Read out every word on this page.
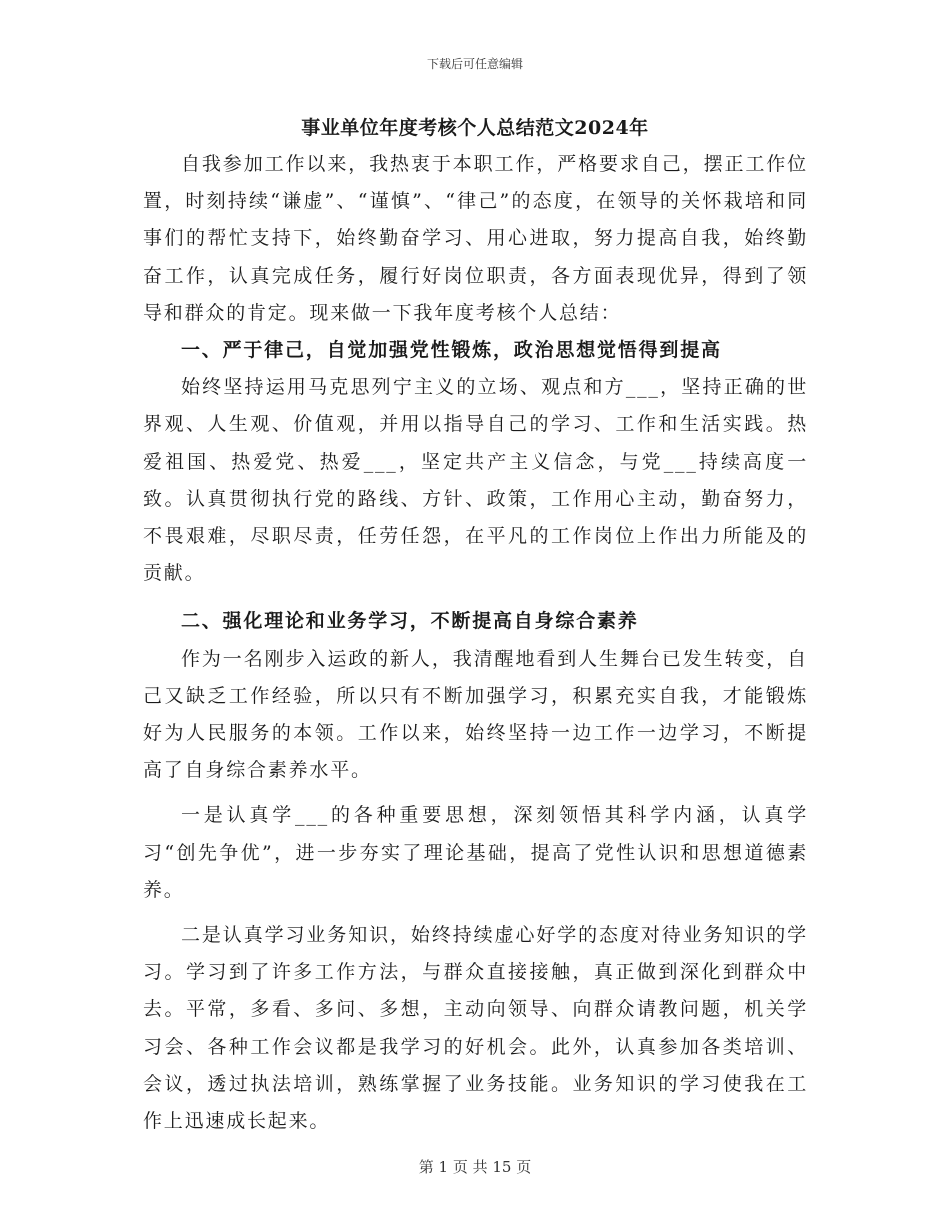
下载后可任意编辑
事业单位年度考核个人总结范文2024年

自我参加工作以来，我热衷于本职工作，严格要求自己，摆正工作位置，时刻持续“谦虚”、“谨慎”、“律己”的态度，在领导的关怀栽培和同事们的帮忙支持下，始终勤奋学习、用心进取，努力提高自我，始终勤奋工作，认真完成任务，履行好岗位职责，各方面表现优异，得到了领导和群众的肯定。现来做一下我年度考核个人总结：

一、严于律己，自觉加强党性锻炼，政治思想觉悟得到提高

始终坚持运用马克思列宁主义的立场、观点和方___，坚持正确的世界观、人生观、价值观，并用以指导自己的学习、工作和生活实践。热爱祖国、热爱党、热爱___，坚定共产主义信念，与党___持续高度一致。认真贯彻执行党的路线、方针、政策，工作用心主动，勤奋努力，不畏艰难，尽职尽责，任劳任怨，在平凡的工作岗位上作出力所能及的贡献。

二、强化理论和业务学习，不断提高自身综合素养

作为一名刚步入运政的新人，我清醒地看到人生舞台已发生转变，自己又缺乏工作经验，所以只有不断加强学习，积累充实自我，才能锻炼好为人民服务的本领。工作以来，始终坚持一边工作一边学习，不断提高了自身综合素养水平。

一是认真学___的各种重要思想，深刻领悟其科学内涵，认真学习“创先争优”，进一步夯实了理论基础，提高了党性认识和思想道德素养。

二是认真学习业务知识，始终持续虚心好学的态度对待业务知识的学习。学习到了许多工作方法，与群众直接接触，真正做到深化到群众中去。平常，多看、多问、多想，主动向领导、向群众请教问题，机关学习会、各种工作会议都是我学习的好机会。此外，认真参加各类培训、会议，透过执法培训，熟练掌握了业务技能。业务知识的学习使我在工作上迅速成长起来。

第 1 页 共 15 页
